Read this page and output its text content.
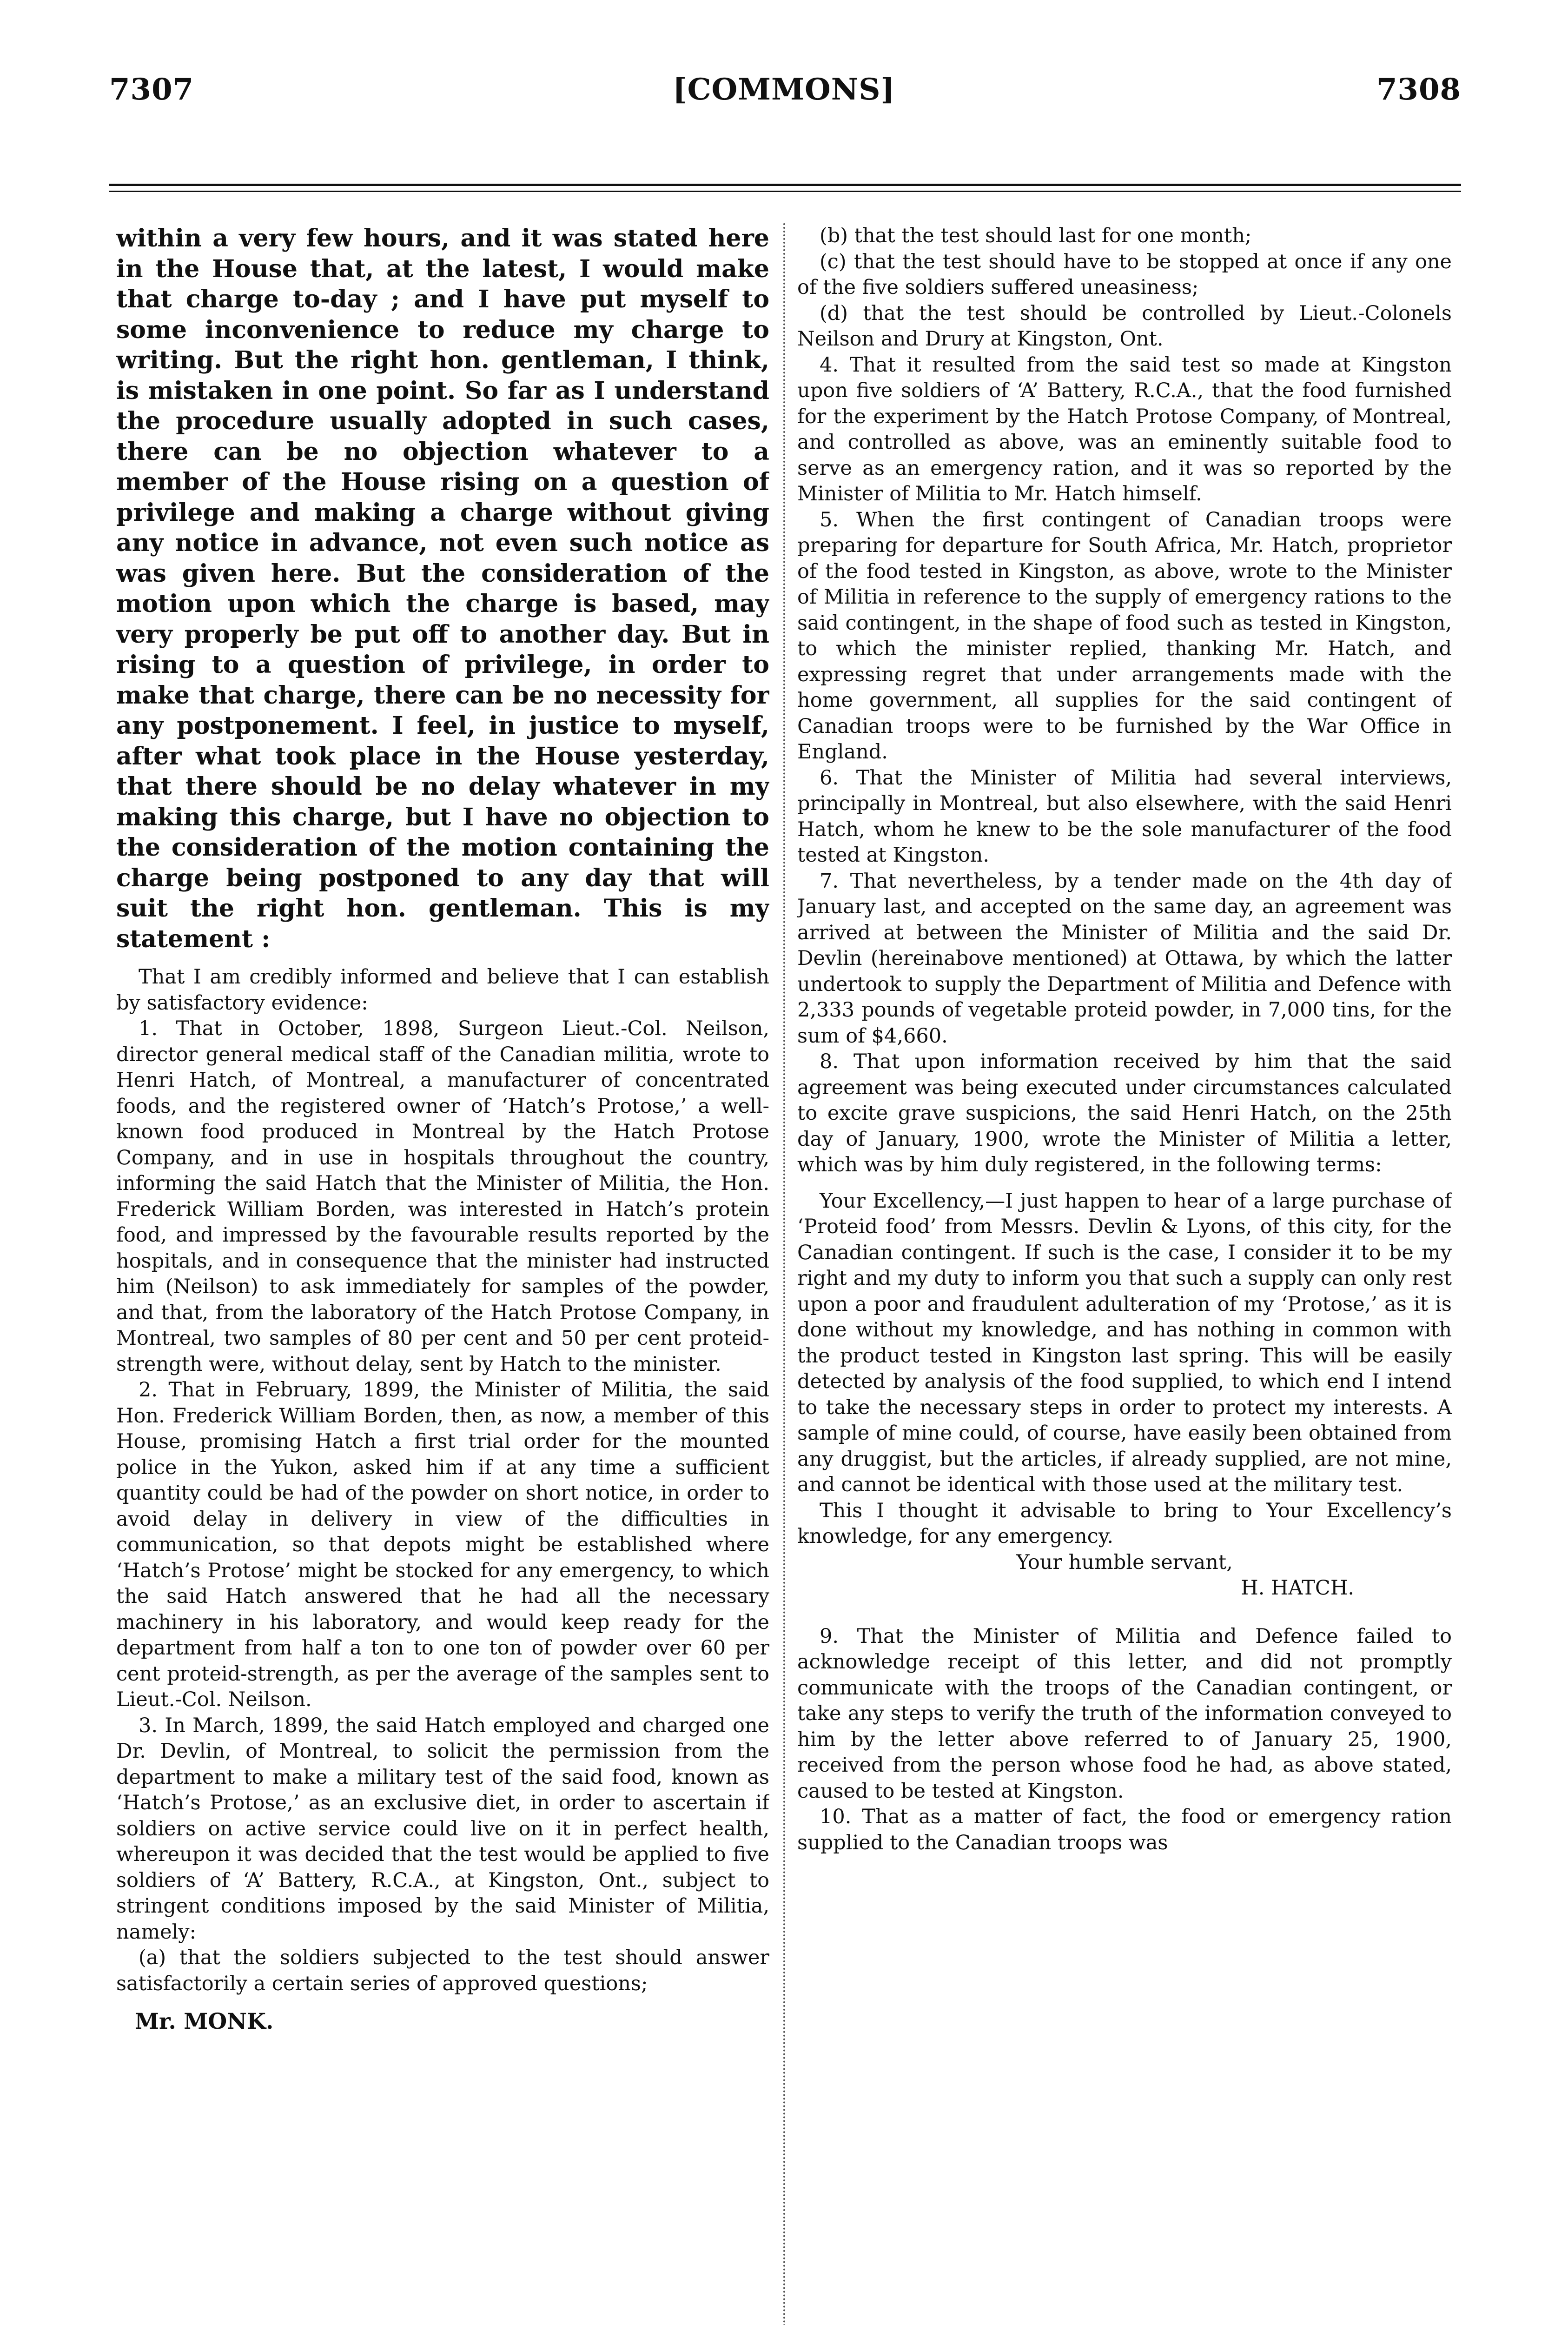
7307	[COMMONS]	7308

within a very few hours, and it was stated here in the House that, at the latest, I would make that charge to-day ; and I have put myself to some inconvenience to reduce my charge to writing. But the right hon. gentleman, I think, is mistaken in one point. So far as I understand the procedure usually adopted in such cases, there can be no objection whatever to a member of the House rising on a question of privilege and making a charge without giving any notice in advance, not even such notice as was given here. But the consideration of the motion upon which the charge is based, may very properly be put off to another day. But in rising to a question of privilege, in order to make that charge, there can be no necessity for any postponement. I feel, in justice to myself, after what took place in the House yesterday, that there should be no delay whatever in my making this charge, but I have no objection to the consideration of the motion containing the charge being postponed to any day that will suit the right hon. gentleman. This is my statement :

That I am credibly informed and believe that I can establish by satisfactory evidence:

1. That in October, 1898, Surgeon Lieut.-Col. Neilson, director general medical staff of the Canadian militia, wrote to Henri Hatch, of Montreal, a manufacturer of concentrated foods, and the registered owner of ‘Hatch’s Protose,’ a well-known food produced in Montreal by the Hatch Protose Company, and in use in hospitals throughout the country, informing the said Hatch that the Minister of Militia, the Hon. Frederick William Borden, was interested in Hatch’s protein food, and impressed by the favourable results reported by the hospitals, and in consequence that the minister had instructed him (Neilson) to ask immediately for samples of the powder, and that, from the laboratory of the Hatch Protose Company, in Montreal, two samples of 80 per cent and 50 per cent proteid-strength were, without delay, sent by Hatch to the minister.

2. That in February, 1899, the Minister of Militia, the said Hon. Frederick William Borden, then, as now, a member of this House, promising Hatch a first trial order for the mounted police in the Yukon, asked him if at any time a sufficient quantity could be had of the powder on short notice, in order to avoid delay in delivery in view of the difficulties in communication, so that depots might be established where ‘Hatch’s Protose’ might be stocked for any emergency, to which the said Hatch answered that he had all the necessary machinery in his laboratory, and would keep ready for the department from half a ton to one ton of powder over 60 per cent proteid-strength, as per the average of the samples sent to Lieut.-Col. Neilson.

3. In March, 1899, the said Hatch employed and charged one Dr. Devlin, of Montreal, to solicit the permission from the department to make a military test of the said food, known as ‘Hatch’s Protose,’ as an exclusive diet, in order to ascertain if soldiers on active service could live on it in perfect health, whereupon it was decided that the test would be applied to five soldiers of ‘A’ Battery, R.C.A., at Kingston, Ont., subject to stringent conditions imposed by the said Minister of Militia, namely:

(a) that the soldiers subjected to the test should answer satisfactorily a certain series of approved questions;

Mr. MONK.

(b) that the test should last for one month;

(c) that the test should have to be stopped at once if any one of the five soldiers suffered uneasiness;

(d) that the test should be controlled by Lieut.-Colonels Neilson and Drury at Kingston, Ont.

4. That it resulted from the said test so made at Kingston upon five soldiers of ‘A’ Battery, R.C.A., that the food furnished for the experiment by the Hatch Protose Company, of Montreal, and controlled as above, was an eminently suitable food to serve as an emergency ration, and it was so reported by the Minister of Militia to Mr. Hatch himself.

5. When the first contingent of Canadian troops were preparing for departure for South Africa, Mr. Hatch, proprietor of the food tested in Kingston, as above, wrote to the Minister of Militia in reference to the supply of emergency rations to the said contingent, in the shape of food such as tested in Kingston, to which the minister replied, thanking Mr. Hatch, and expressing regret that under arrangements made with the home government, all supplies for the said contingent of Canadian troops were to be furnished by the War Office in England.

6. That the Minister of Militia had several interviews, principally in Montreal, but also elsewhere, with the said Henri Hatch, whom he knew to be the sole manufacturer of the food tested at Kingston.

7. That nevertheless, by a tender made on the 4th day of January last, and accepted on the same day, an agreement was arrived at between the Minister of Militia and the said Dr. Devlin (hereinabove mentioned) at Ottawa, by which the latter undertook to supply the Department of Militia and Defence with 2,333 pounds of vegetable proteid powder, in 7,000 tins, for the sum of $4,660.

8. That upon information received by him that the said agreement was being executed under circumstances calculated to excite grave suspicions, the said Henri Hatch, on the 25th day of January, 1900, wrote the Minister of Militia a letter, which was by him duly registered, in the following terms:

Your Excellency,—I just happen to hear of a large purchase of ‘Proteid food’ from Messrs. Devlin & Lyons, of this city, for the Canadian contingent. If such is the case, I consider it to be my right and my duty to inform you that such a supply can only rest upon a poor and fraudulent adulteration of my ‘Protose,’ as it is done without my knowledge, and has nothing in common with the product tested in Kingston last spring. This will be easily detected by analysis of the food supplied, to which end I intend to take the necessary steps in order to protect my interests. A sample of mine could, of course, have easily been obtained from any druggist, but the articles, if already supplied, are not mine, and cannot be identical with those used at the military test.

This I thought it advisable to bring to Your Excellency’s knowledge, for any emergency.

Your humble servant,

H. HATCH.

9. That the Minister of Militia and Defence failed to acknowledge receipt of this letter, and did not promptly communicate with the troops of the Canadian contingent, or take any steps to verify the truth of the information conveyed to him by the letter above referred to of January 25, 1900, received from the person whose food he had, as above stated, caused to be tested at Kingston.

10. That as a matter of fact, the food or emergency ration supplied to the Canadian troops was
